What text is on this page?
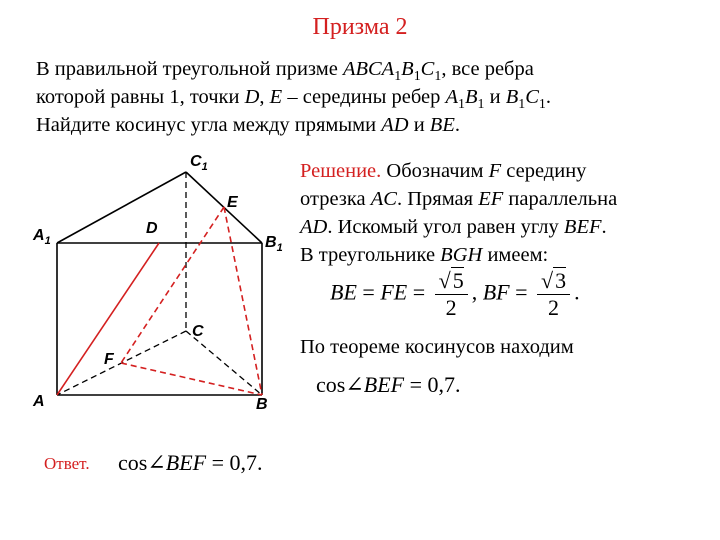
Призма 2
В правильной треугольной призме $ABCA_1B_1C_1$, все ребра
которой равны 1, точки D, E – середины ребер $A_1B_1$ и $B_1C_1$.
Найдите косинус угла между прямыми AD и BE.
$C_1$
E
$A_1$
D
$B_1$
C
F
A	B
Решение. Обозначим F середину
отрезка AC. Прямая EF параллельна
AD. Искомый угол равен углу BEF.
В треугольнике BGH имеем:
BE = FE = $\frac{√5}{2}$ , BF = $\frac{√3}{2}$ .
По теореме косинусов находим
cos∠BEF = 0,7.
Ответ. cos∠BEF = 0,7.
